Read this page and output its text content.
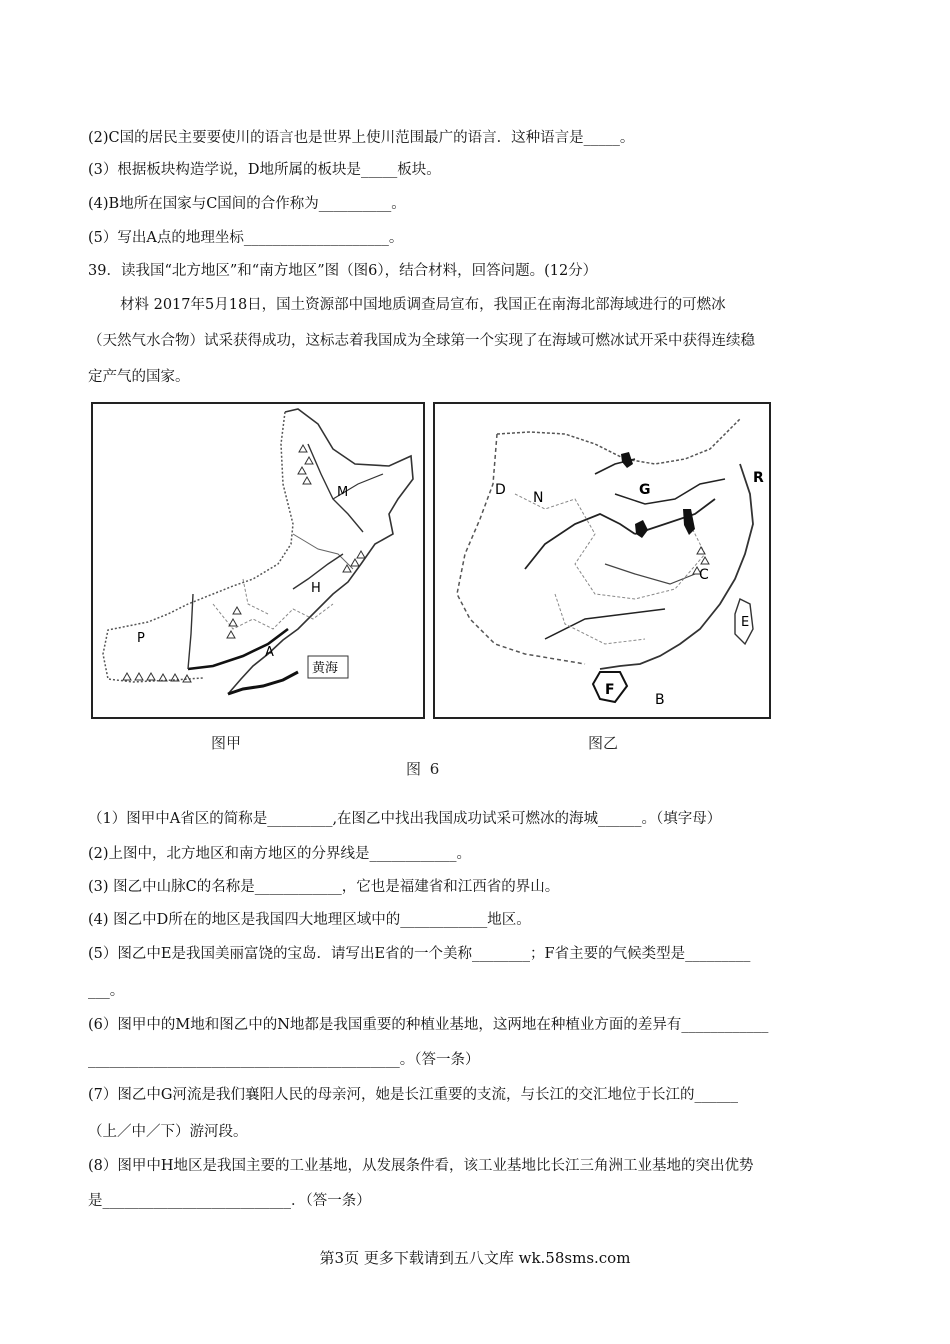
(2)C国的居民主要要使川的语言也是世界上使川范围最广的语言．这种语言是_____。
(3）根据板块构造学说，D地所属的板块是_____板块。
(4)B地所在国家与C国间的合作称为__________。
(5）写出A点的地理坐标____________________。
39．读我国“北方地区”和“南方地区”图（图6），结合材料，回答问题。(12分）
材料 2017年5月18日，国土资源部中国地质调查局宣布，我国正在南海北部海域进行的可燃冰
（天然气水合物）试采获得成功，这标志着我国成为全球第一个实现了在海域可燃冰试开采中获得连续稳
定产气的国家。
M
H
P
A
黄海
图甲
D N	G
R
C
E
F
B
图乙
图 6
（1）图甲中A省区的简称是_________,在图乙中找出我国成功试采可燃冰的海城______。（填字母）
(2)上图中，北方地区和南方地区的分界线是____________。
(3) 图乙中山脉C的名称是____________，它也是福建省和江西省的界山。
(4) 图乙中D所在的地区是我国四大地理区域中的____________地区。
(5）图乙中E是我国美丽富饶的宝岛．请写出E省的一个美称________；F省主要的气候类型是_________
___。
(6）图甲中的M地和图乙中的N地都是我国重要的种植业基地，这两地在种植业方面的差异有____________
___________________________________________。（答一条）
(7）图乙中G河流是我们襄阳人民的母亲河，她是长江重要的支流，与长江的交汇地位于长江的______
（上／中／下）游河段。
(8）图甲中H地区是我国主要的工业基地，从发展条件看，该工业基地比长江三角洲工业基地的突出优势
是__________________________．（答一条）
第3页 更多下载请到五八文库 wk.58sms.com
